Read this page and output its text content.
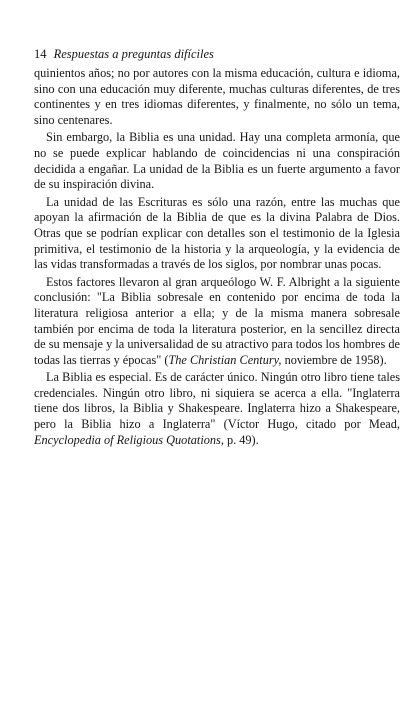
14 Respuestas a preguntas difíciles

quinientos años; no por autores con la misma educación, cultura e idioma, sino con una educación muy diferente, muchas culturas diferentes, de tres continentes y en tres idiomas diferentes, y finalmente, no sólo un tema, sino centenares.

Sin embargo, la Biblia es una unidad. Hay una completa armonía, que no se puede explicar hablando de coincidencias ni una conspiración decidida a engañar. La unidad de la Biblia es un fuerte argumento a favor de su inspiración divina.

La unidad de las Escrituras es sólo una razón, entre las muchas que apoyan la afirmación de la Biblia de que es la divina Palabra de Dios. Otras que se podrían explicar con detalles son el testimonio de la Iglesia primitiva, el testimonio de la historia y la arqueología, y la evidencia de las vidas transformadas a través de los siglos, por nombrar unas pocas.

Estos factores llevaron al gran arqueólogo W. F. Albright a la siguiente conclusión: "La Biblia sobresale en contenido por encima de toda la literatura religiosa anterior a ella; y de la misma manera sobresale también por encima de toda la literatura posterior, en la sencillez directa de su mensaje y la universalidad de su atractivo para todos los hombres de todas las tierras y épocas" (The Christian Century, noviembre de 1958).

La Biblia es especial. Es de carácter único. Ningún otro libro tiene tales credenciales. Ningún otro libro, ni siquiera se acerca a ella. "Inglaterra tiene dos libros, la Biblia y Shakespeare. Inglaterra hizo a Shakespeare, pero la Biblia hizo a Inglaterra" (Víctor Hugo, citado por Mead, Encyclopedia of Religious Quotations, p. 49).
